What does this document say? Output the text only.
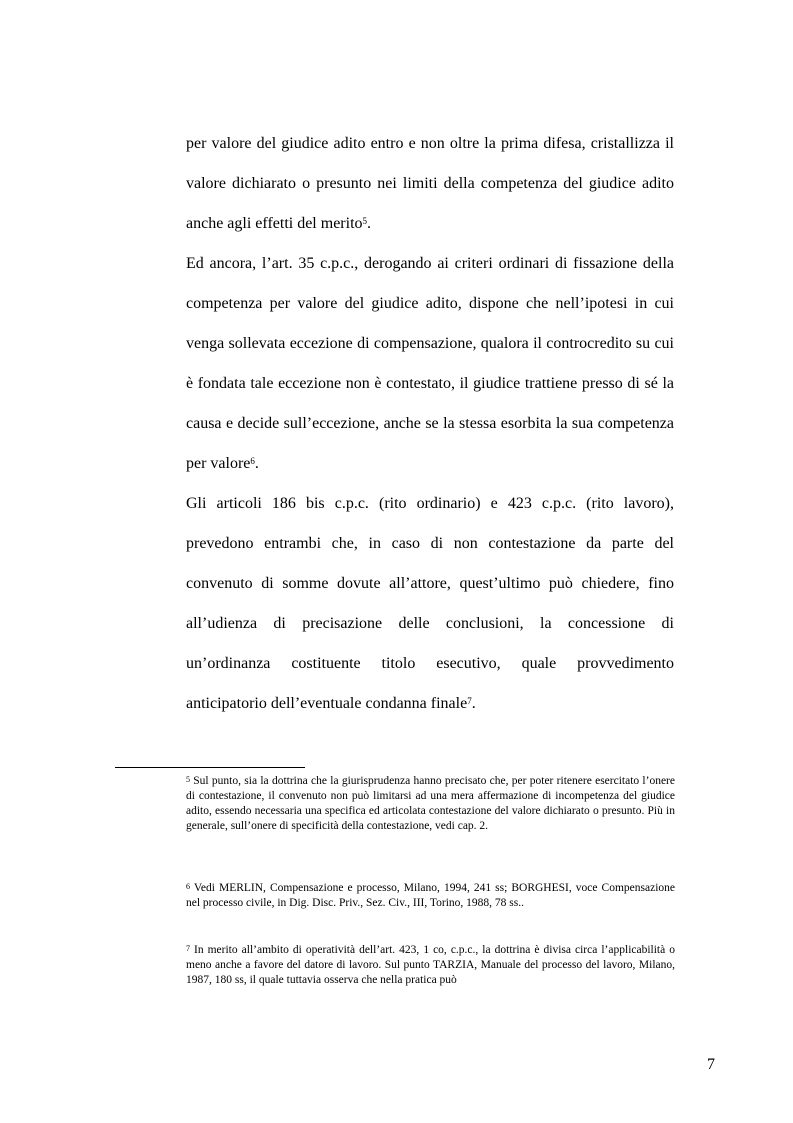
per valore del giudice adito entro e non oltre la prima difesa, cristallizza il valore dichiarato o presunto nei limiti della competenza del giudice adito anche agli effetti del merito$^5$.

Ed ancora, l’art. 35 c.p.c., derogando ai criteri ordinari di fissazione della competenza per valore del giudice adito, dispone che nell’ipotesi in cui venga sollevata eccezione di compensazione, qualora il controcredito su cui è fondata tale eccezione non è contestato, il giudice trattiene presso di sé la causa e decide sull’eccezione, anche se la stessa esorbita la sua competenza per valore$^6$.

Gli articoli 186 bis c.p.c. (rito ordinario) e 423 c.p.c. (rito lavoro), prevedono entrambi che, in caso di non contestazione da parte del convenuto di somme dovute all’attore, quest’ultimo può chiedere, fino all’udienza di precisazione delle conclusioni, la concessione di un’ordinanza costituente titolo esecutivo, quale provvedimento anticipatorio dell’eventuale condanna finale$^7$.

$^5$ Sul punto, sia la dottrina che la giurisprudenza hanno precisato che, per poter ritenere esercitato l’onere di contestazione, il convenuto non può limitarsi ad una mera affermazione di incompetenza del giudice adito, essendo necessaria una specifica ed articolata contestazione del valore dichiarato o presunto. Più in generale, sull’onere di specificità della contestazione, vedi cap. 2.

$^6$ Vedi MERLIN, Compensazione e processo, Milano, 1994, 241 ss; BORGHESI, voce Compensazione nel processo civile, in Dig. Disc. Priv., Sez. Civ., III, Torino, 1988, 78 ss..

$^7$ In merito all’ambito di operatività dell’art. 423, 1 co, c.p.c., la dottrina è divisa circa l’applicabilità o meno anche a favore del datore di lavoro. Sul punto TARZIA, Manuale del processo del lavoro, Milano, 1987, 180 ss, il quale tuttavia osserva che nella pratica può

7
